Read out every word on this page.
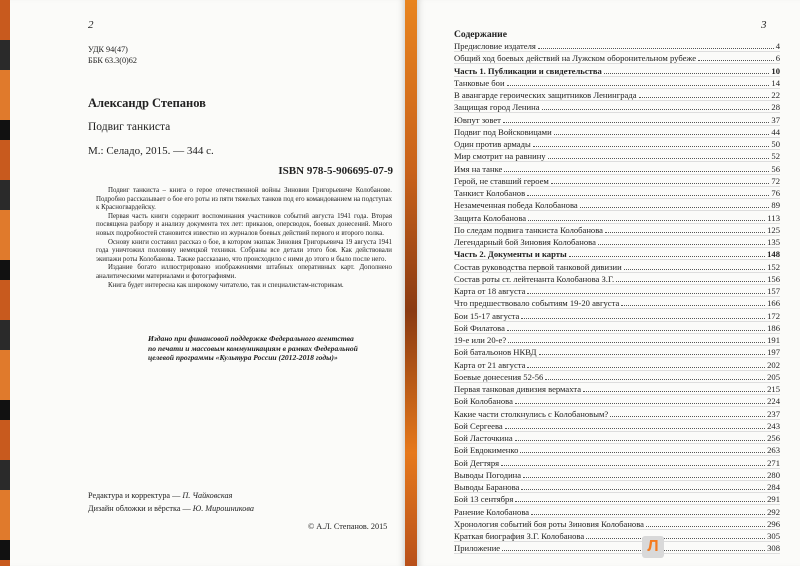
2
УДК 94(47)
ББК 63.3(0)62
Александр Степанов
Подвиг танкиста
М.: Селадо, 2015. — 344 с.
ISBN 978-5-906695-07-9

Подвиг танкиста – книга о герое отечественной войны Зиновии Григорьевиче Колобанове. Подробно рассказывает о бое его роты из пяти тяжелых танков под его командованием на подступах к Красногвардейску.

Первая часть книги содержит воспоминания участников событий августа 1941 года. Вторая посвящена разбору и анализу документа тех лет: приказов, оперсводок, боевых донесений. Много новых подробностей становится известно из журналов боевых действий первого и второго полка.

Основу книги составил рассказ о бое, в котором экипаж Зиновия Григорьевича 19 августа 1941 года уничтожил половину немецкой техники. Собраны все детали этого боя. Как действовали экипажи роты Колобанова. Также рассказано, что происходило с ними до этого и было после него.

Издание богато иллюстрировано изображениями штабных оперативных карт. Дополнено аналитическими материалами и фотографиями.

Книга будет интересна как широкому читателю, так и специалистам-историкам.

Издано при финансовой поддержке Федерального агентства по печати и массовым коммуникациям в рамках Федеральной целевой программы «Культура России (2012-2018 годы)»
Редактура и корректура — П. Чайковская
Дизайн обложки и вёрстка — Ю. Мирошникова
© А.Л. Степанов. 2015
3
Содержание
Предисловие издателя	4
Общий ход боевых действий на Лужском оборонительном рубеже	6
Часть 1. Публикации и свидетельства	10
Танковые бои	14
В авангарде героических защитников Ленинграда	22
Защищая город Ленина	28
Ювпут зовет	37
Подвиг под Войсковицами	44
Один против армады	50
Мир смотрит на равнину	52
Имя на танке	56
Герой, не ставший героем	72
Танкист Колобанов	76
Незамеченная победа Колобанова	89
Защита Колобанова	113
По следам подвига танкиста Колобанова	125
Легендарный бой Зиновия Колобанова	135
Часть 2. Документы и карты	148
Состав руководства первой танковой дивизии	152
Состав роты ст. лейтенанта Колобанова З.Г.	156
Карта от 18 августа	157
Что предшествовало событиям 19-20 августа	166
Бои 15-17 августа	172
Бой Филатова	186
19-е или 20-е?	191
Бой батальонов НКВД	197
Карта от 21 августа	202
Боевые донесения 52-56	205
Первая танковая дивизия вермахта	215
Бой Колобанова	224
Какие части столкнулись с Колобановым?	237
Бой Сергеева	243
Бой Ласточкина	256
Бой Евдокименко	263
Бой Дегтяря	271
Выводы Погодина	280
Выводы Баранова	284
Бой 13 сентября	291
Ранение Колобанова	292
Хронология событий боя роты Зиновия Колобанова	296
Краткая биография З.Г. Колобанова	305
Приложение	308
Л
